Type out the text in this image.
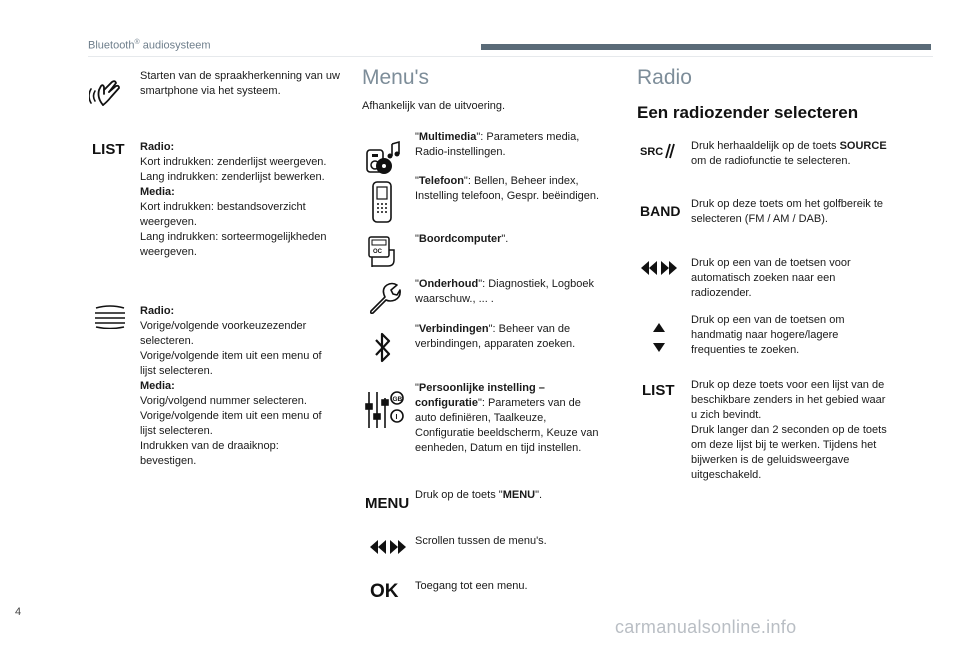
Bluetooth® audiosysteem
Starten van de spraakherkenning van uw smartphone via het systeem.
LIST Radio:
Kort indrukken: zenderlijst weergeven.
Lang indrukken: zenderlijst bewerken.
Media:
Kort indrukken: bestandsoverzicht weergeven.
Lang indrukken: sorteermogelijkheden weergeven.
Radio:
Vorige/volgende voorkeuzezender selecteren.
Vorige/volgende item uit een menu of lijst selecteren.
Media:
Vorig/volgend nummer selecteren.
Vorige/volgende item uit een menu of lijst selecteren.
Indrukken van de draaiknop: bevestigen.
Menu's
Afhankelijk van de uitvoering.
"Multimedia": Parameters media, Radio-instellingen.
"Telefoon": Bellen, Beheer index, Instelling telefoon, Gespr. beëindigen.
OC
"Boordcomputer".
"Onderhoud": Diagnostiek, Logboek waarschuw., ... .
"Verbindingen": Beheer van de verbindingen, apparaten zoeken.
GB
I
"Persoonlijke instelling – configuratie": Parameters van de auto definiëren, Taalkeuze, Configuratie beeldscherm, Keuze van eenheden, Datum en tijd instellen.
MENU Druk op de toets "MENU".
Scrollen tussen de menu's.
OK Toegang tot een menu.
Radio
Een radiozender selecteren
SRC	Druk herhaaldelijk op de toets SOURCE om de radiofunctie te selecteren.
BAND Druk op deze toets om het golfbereik te selecteren (FM / AM / DAB).
Druk op een van de toetsen voor automatisch zoeken naar een radiozender.
Druk op een van de toetsen om handmatig naar hogere/lagere frequenties te zoeken.
LIST Druk op deze toets voor een lijst van de beschikbare zenders in het gebied waar u zich bevindt.
Druk langer dan 2 seconden op de toets om deze lijst bij te werken. Tijdens het bijwerken is de geluidsweergave uitgeschakeld.
4
carmanualsonline.info
